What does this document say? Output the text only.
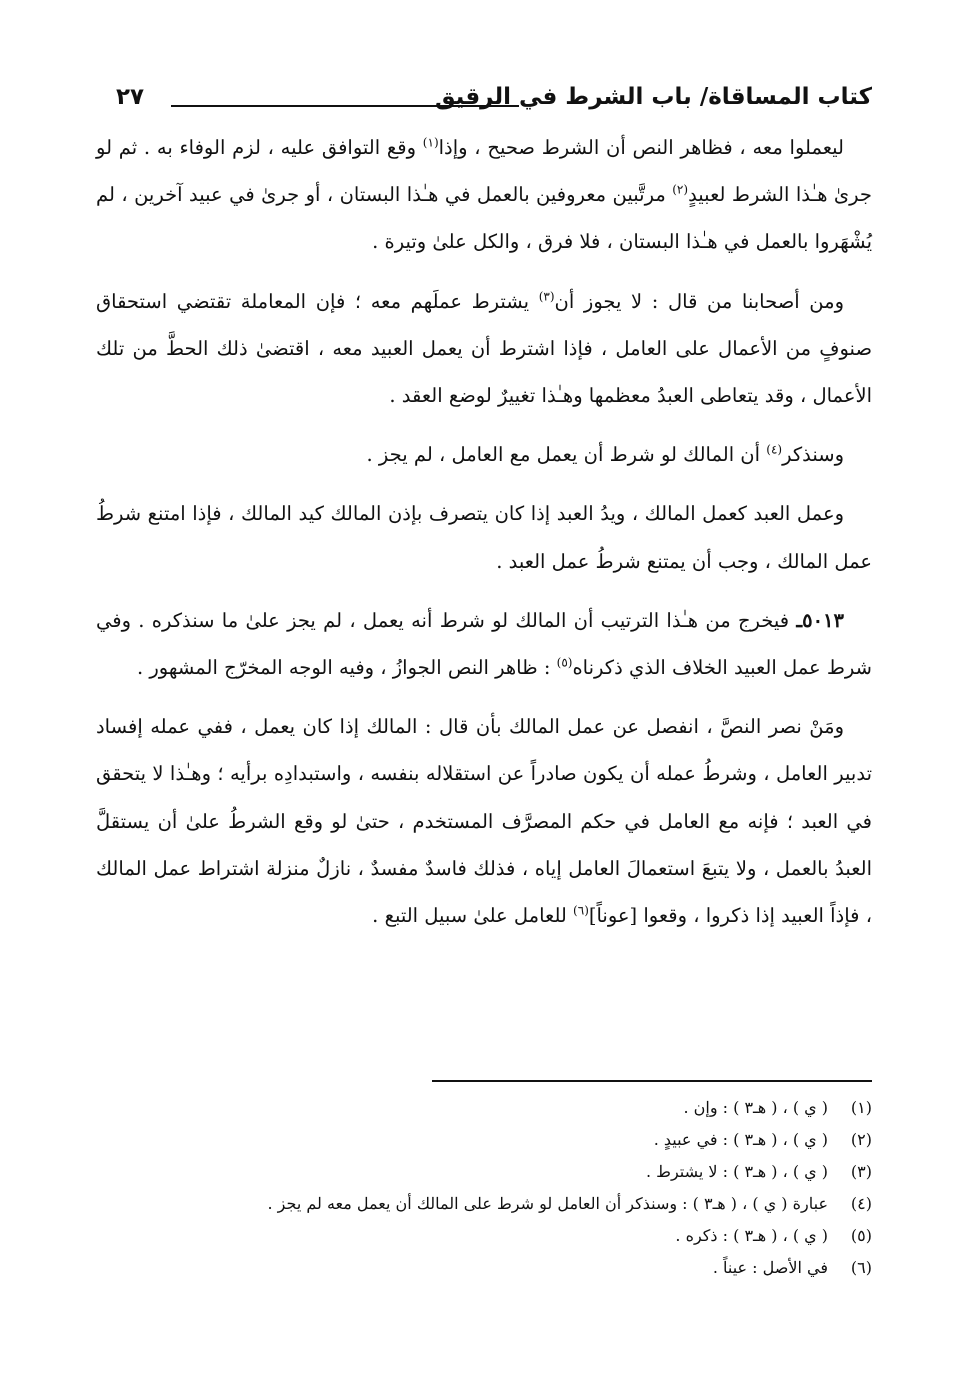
كتاب المساقاة/ باب الشرط في الرقيق
٢٧

ليعملوا معه ، فظاهر النص أن الشرط صحيح ، وإذا$^{(١)}$ وقع التوافق عليه ، لزم الوفاء به . ثم لو جرىٰ هـٰذا الشرط لعبيدٍ$^{(٢)}$ مرتَّبين معروفين بالعمل في هـٰذا البستان ، أو جرىٰ في عبيد آخرين ، لم يُشْهَروا بالعمل في هـٰذا البستان ، فلا فرق ، والكل علىٰ وتيرة .

ومن أصحابنا من قال : لا يجوز أن$^{(٣)}$ يشترط عملَهم معه ؛ فإن المعاملة تقتضي استحقاق صنوفٍ من الأعمال على العامل ، فإذا اشترط أن يعمل العبيد معه ، اقتضىٰ ذلك الحطَّ من تلك الأعمال ، وقد يتعاطى العبدُ معظمها وهـٰذا تغييرٌ لوضع العقد .

وسنذكر$^{(٤)}$ أن المالك لو شرط أن يعمل مع العامل ، لم يجز .

وعمل العبد كعمل المالك ، ويدُ العبد إذا كان يتصرف بإذن المالك كيد المالك ، فإذا امتنع شرطُ عمل المالك ، وجب أن يمتنع شرطُ عمل العبد .

٥٠١٣ـ فيخرج من هـٰذا الترتيب أن المالك لو شرط أنه يعمل ، لم يجز علىٰ ما سنذكره . وفي شرط عمل العبيد الخلاف الذي ذكرناه$^{(٥)}$ : ظاهر النص الجوازُ ، وفيه الوجه المخرّج المشهور .

ومَنْ نصر النصَّ ، انفصل عن عمل المالك بأن قال : المالك إذا كان يعمل ، ففي عمله إفساد تدبير العامل ، وشرطُ عمله أن يكون صادراً عن استقلاله بنفسه ، واستبدادِه برأيه ؛ وهـٰذا لا يتحقق في العبد ؛ فإنه مع العامل في حكم المصرَّف المستخدم ، حتىٰ لو وقع الشرطُ علىٰ أن يستقلَّ العبدُ بالعمل ، ولا يتبعَ استعمالَ العامل إياه ، فذلك فاسدٌ مفسدٌ ، نازلٌ منزلة اشتراط عمل المالك ، فإذاً العبيد إذا ذكروا ، وقعوا [عوناً]$^{(٦)}$ للعامل علىٰ سبيل التبع .

(١)( ي ) ، ( هـ٣ ) : وإن .
(٢)( ي ) ، ( هـ٣ ) : في عبيدٍ .
(٣)( ي ) ، ( هـ٣ ) : لا يشترط .
(٤)عبارة ( ي ) ، ( هـ٣ ) : وسنذكر أن العامل لو شرط على المالك أن يعمل معه لم يجز .
(٥)( ي ) ، ( هـ٣ ) : ذكره .
(٦)في الأصل : عيناً .
